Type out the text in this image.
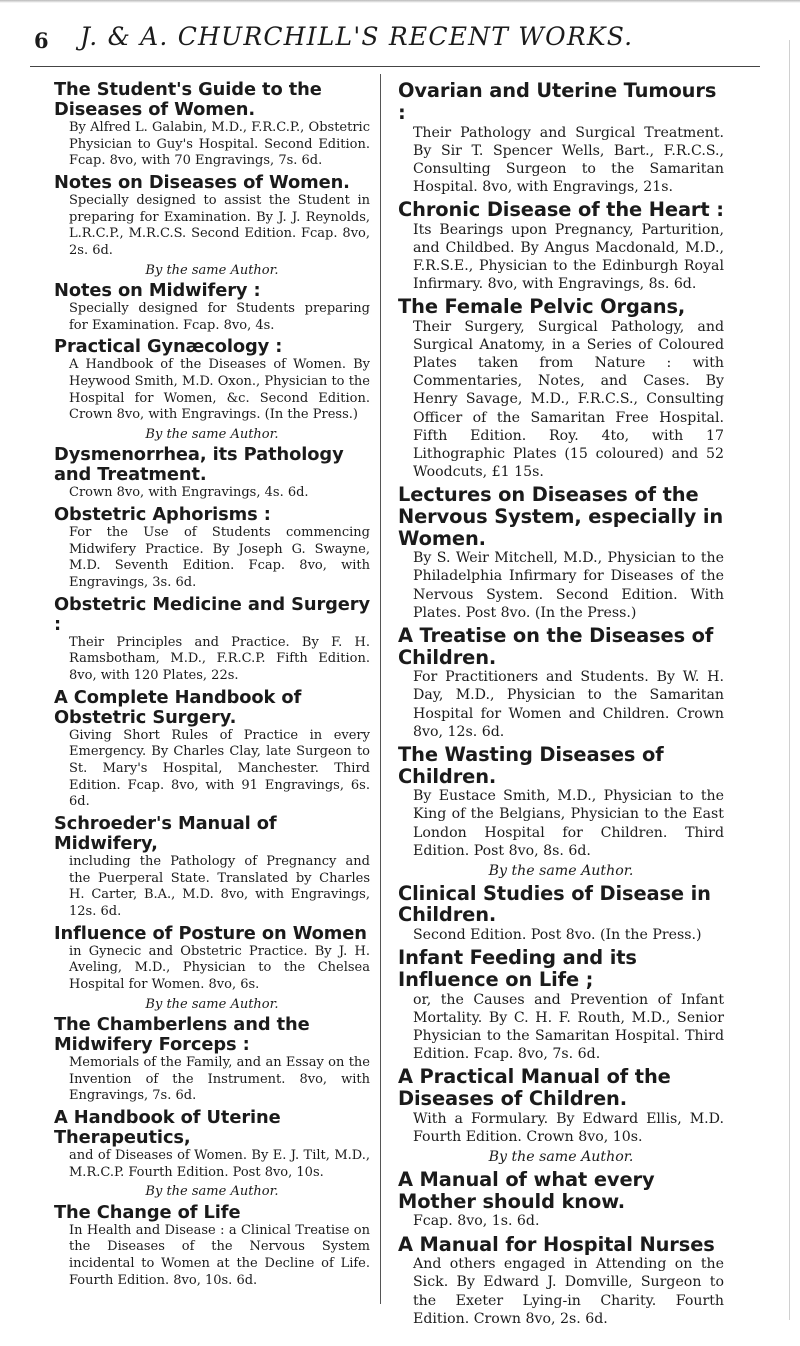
6 J. & A. CHURCHILL'S RECENT WORKS.
The Student's Guide to the Diseases of Women.
By Alfred L. Galabin, M.D., F.R.C.P., Obstetric Physician to Guy's Hospital. Second Edition. Fcap. 8vo, with 70 Engravings, 7s. 6d.
Notes on Diseases of Women.
Specially designed to assist the Student in preparing for Examination. By J. J. Reynolds, L.R.C.P., M.R.C.S. Second Edition. Fcap. 8vo, 2s. 6d.
By the same Author.
Notes on Midwifery :
Specially designed for Students preparing for Examination. Fcap. 8vo, 4s.
Practical Gynæcology :
A Handbook of the Diseases of Women. By Heywood Smith, M.D. Oxon., Physician to the Hospital for Women, &c. Second Edition. Crown 8vo, with Engravings. (In the Press.)
By the same Author.
Dysmenorrhea, its Pathology and Treatment.
Crown 8vo, with Engravings, 4s. 6d.
Obstetric Aphorisms :
For the Use of Students commencing Midwifery Practice. By Joseph G. Swayne, M.D. Seventh Edition. Fcap. 8vo, with Engravings, 3s. 6d.
Obstetric Medicine and Surgery :
Their Principles and Practice. By F. H. Ramsbotham, M.D., F.R.C.P. Fifth Edition. 8vo, with 120 Plates, 22s.
A Complete Handbook of Obstetric Surgery.
Giving Short Rules of Practice in every Emergency. By Charles Clay, late Surgeon to St. Mary's Hospital, Manchester. Third Edition. Fcap. 8vo, with 91 Engravings, 6s. 6d.
Schroeder's Manual of Midwifery,
including the Pathology of Pregnancy and the Puerperal State. Translated by Charles H. Carter, B.A., M.D. 8vo, with Engravings, 12s. 6d.
Influence of Posture on Women
in Gynecic and Obstetric Practice. By J. H. Aveling, M.D., Physician to the Chelsea Hospital for Women. 8vo, 6s.
By the same Author.
The Chamberlens and the Midwifery Forceps :
Memorials of the Family, and an Essay on the Invention of the Instrument. 8vo, with Engravings, 7s. 6d.
A Handbook of Uterine Therapeutics,
and of Diseases of Women. By E. J. Tilt, M.D., M.R.C.P. Fourth Edition. Post 8vo, 10s.
By the same Author.
The Change of Life
In Health and Disease : a Clinical Treatise on the Diseases of the Nervous System incidental to Women at the Decline of Life. Fourth Edition. 8vo, 10s. 6d.
Ovarian and Uterine Tumours :
Their Pathology and Surgical Treatment. By Sir T. Spencer Wells, Bart., F.R.C.S., Consulting Surgeon to the Samaritan Hospital. 8vo, with Engravings, 21s.
Chronic Disease of the Heart :
Its Bearings upon Pregnancy, Parturition, and Childbed. By Angus Macdonald, M.D., F.R.S.E., Physician to the Edinburgh Royal Infirmary. 8vo, with Engravings, 8s. 6d.
The Female Pelvic Organs,
Their Surgery, Surgical Pathology, and Surgical Anatomy, in a Series of Coloured Plates taken from Nature : with Commentaries, Notes, and Cases. By Henry Savage, M.D., F.R.C.S., Consulting Officer of the Samaritan Free Hospital. Fifth Edition. Roy. 4to, with 17 Lithographic Plates (15 coloured) and 52 Woodcuts, £1 15s.
Lectures on Diseases of the Nervous System, especially in Women.
By S. Weir Mitchell, M.D., Physician to the Philadelphia Infirmary for Diseases of the Nervous System. Second Edition. With Plates. Post 8vo. (In the Press.)
A Treatise on the Diseases of Children.
For Practitioners and Students. By W. H. Day, M.D., Physician to the Samaritan Hospital for Women and Children. Crown 8vo, 12s. 6d.
The Wasting Diseases of Children.
By Eustace Smith, M.D., Physician to the King of the Belgians, Physician to the East London Hospital for Children. Third Edition. Post 8vo, 8s. 6d.
By the same Author.
Clinical Studies of Disease in Children.
Second Edition. Post 8vo. (In the Press.)
Infant Feeding and its Influence on Life ;
or, the Causes and Prevention of Infant Mortality. By C. H. F. Routh, M.D., Senior Physician to the Samaritan Hospital. Third Edition. Fcap. 8vo, 7s. 6d.
A Practical Manual of the Diseases of Children.
With a Formulary. By Edward Ellis, M.D. Fourth Edition. Crown 8vo, 10s.
By the same Author.
A Manual of what every Mother should know.
Fcap. 8vo, 1s. 6d.
A Manual for Hospital Nurses
And others engaged in Attending on the Sick. By Edward J. Domville, Surgeon to the Exeter Lying-in Charity. Fourth Edition. Crown 8vo, 2s. 6d.
